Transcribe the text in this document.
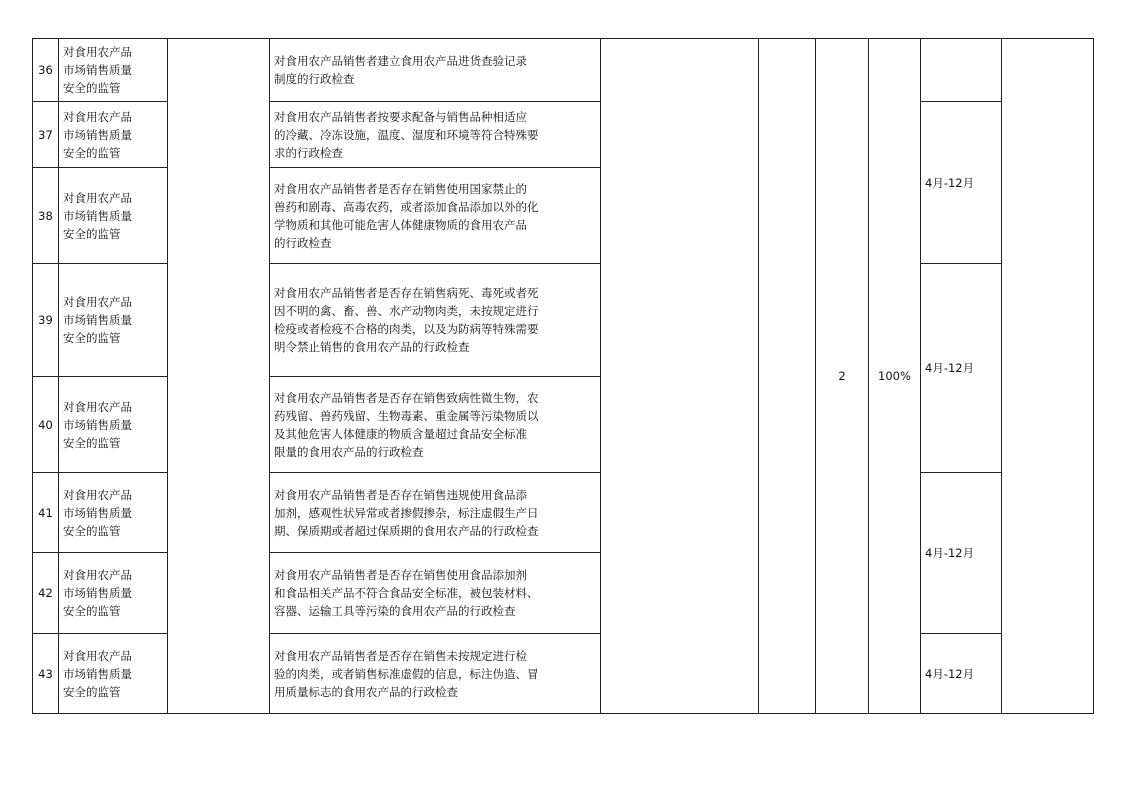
36	对食用农产品
市场销售质量
安全的监管		对食用农产品销售者建立食用农产品进货查验记录
制度的行政检查			2	100%		
37	对食用农产品
市场销售质量
安全的监管		对食用农产品销售者按要求配备与销售品种相适应
的冷藏、冷冻设施，温度、湿度和环境等符合特殊要
求的行政检查					4月-12月	
38	对食用农产品
市场销售质量
安全的监管		对食用农产品销售者是否存在销售使用国家禁止的
兽药和剧毒、高毒农药，或者添加食品添加以外的化
学物质和其他可能危害人体健康物质的食用农产品
的行政检查						
39	对食用农产品
市场销售质量
安全的监管		对食用农产品销售者是否存在销售病死、毒死或者死
因不明的禽、畜、兽、水产动物肉类，未按规定进行
检疫或者检疫不合格的肉类，以及为防病等特殊需要
明令禁止销售的食用农产品的行政检查					4月-12月	
40	对食用农产品
市场销售质量
安全的监管		对食用农产品销售者是否存在销售致病性微生物，农
药残留、兽药残留、生物毒素、重金属等污染物质以
及其他危害人体健康的物质含量超过食品安全标准
限量的食用农产品的行政检查						
41	对食用农产品
市场销售质量
安全的监管		对食用农产品销售者是否存在销售违规使用食品添
加剂，感观性状异常或者掺假掺杂，标注虚假生产日
期、保质期或者超过保质期的食用农产品的行政检查					4月-12月	
42	对食用农产品
市场销售质量
安全的监管		对食用农产品销售者是否存在销售使用食品添加剂
和食品相关产品不符合食品安全标准，被包装材料、
容器、运输工具等污染的食用农产品的行政检查						
43	对食用农产品
市场销售质量
安全的监管		对食用农产品销售者是否存在销售未按规定进行检
验的肉类，或者销售标准虚假的信息，标注伪造、冒
用质量标志的食用农产品的行政检查					4月-12月	
